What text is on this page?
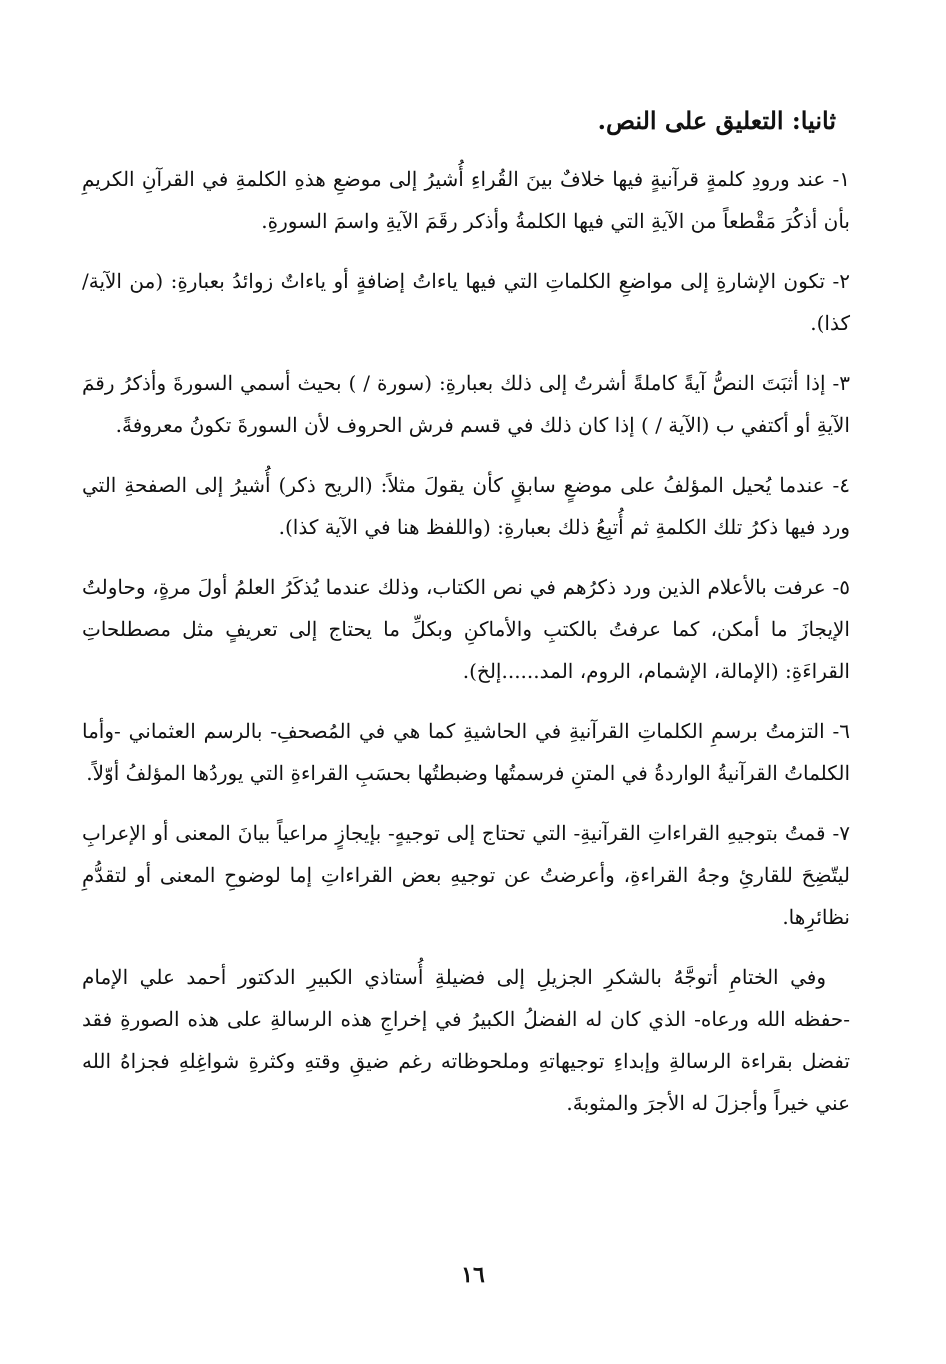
ثانيا: التعليق على النص.

١- عند ورودِ كلمةٍ قرآنيةٍ فيها خلافٌ بينَ القُراءِ أُشيرُ إلى موضعِ هذهِ الكلمةِ في القرآنِ الكريمِ بأن أذكُرَ مَقْطعاً من الآيةِ التي فيها الكلمةُ وأذكر رقَمَ الآيةِ واسمَ السورةِ.

٢- تكون الإشارةِ إلى مواضعِ الكلماتِ التي فيها ياءاتُ إضافةٍ أو ياءاتٌ زوائدُ بعبارةِ: (من الآية/ كذا).

٣- إذا أثبَتَ النصُّ آيةً كاملةً أشرتُ إلى ذلك بعبارةِ: (سورة / ) بحيث أسمي السورةَ وأذكرُ رقمَ الآيةِ أو أكتفي ب (الآية / ) إذا كان ذلك في قسم فرش الحروف لأن السورةَ تكونُ معروفةً.

٤- عندما يُحيل المؤلفُ على موضعٍ سابقٍ كأن يقولَ مثلاً: (الريح ذكر) أُشيرُ إلى الصفحةِ التي ورد فيها ذكرُ تلك الكلمةِ ثم أُتبِعُ ذلك بعبارةِ: (واللفظ هنا في الآية كذا).

٥- عرفت بالأعلام الذين ورد ذكرُهم في نص الكتاب، وذلك عندما يُذكَرُ العلمُ أولَ مرةٍ، وحاولتُ الإيجازَ ما أمكن، كما عرفتُ بالكتبِ والأماكنِ وبكلِّ ما يحتاج إلى تعريفٍ مثل مصطلحاتِ القراءَةِ: (الإمالة، الإشمام، الروم، المد......إلخ).

٦- التزمتُ برسمِ الكلماتِ القرآنيةِ في الحاشيةِ كما هي في المُصحفِ- بالرسم العثماني -وأما الكلماتُ القرآنيةُ الواردةُ في المتنِ فرسمتُها وضبطتُها بحسَبِ القراءةِ التي يوردُها المؤلفُ أوّلاً.

٧- قمتُ بتوجيهِ القراءاتِ القرآنيةِ- التي تحتاج إلى توجيهٍ- بإيجازٍ مراعياً بيانَ المعنى أو الإعرابِ ليتّضِحَ للقارئِ وجهُ القراءةِ، وأعرضتُ عن توجيهِ بعض القراءاتِ إما لوضوحِ المعنى أو لتقدُّمِ نظائرِها.

وفي الختامِ أتوجَّهُ بالشكرِ الجزيلِ إلى فضيلةِ أُستاذي الكبيرِ الدكتور أحمد علي الإمام -حفظه الله ورعاه- الذي كان له الفضلُ الكبيرُ في إخراجِ هذه الرسالةِ على هذه الصورةِ فقد تفضل بقراءة الرسالةِ وإبداءِ توجيهاتهِ وملحوظاته رغم ضيقِ وقتهِ وكثرةِ شواغِلهِ فجزاهُ الله عني خيراً وأجزلَ له الأجرَ والمثوبةَ.

١٦
